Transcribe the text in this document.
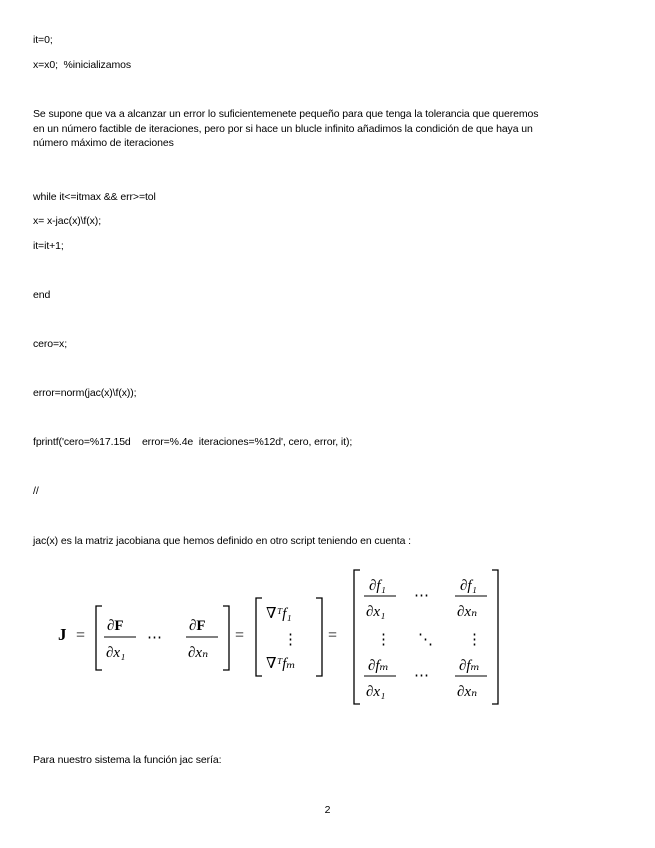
it=0;
x=x0;  %inicializamos
Se supone que va a alcanzar un error lo suficientemenete pequeño para que tenga la tolerancia que queremos
en un número factible de iteraciones, pero por si hace un blucle infinito añadimos la condición de que haya un
número máximo de iteraciones
while it<=itmax && err>=tol
x= x-jac(x)\f(x);
it=it+1;
end
cero=x;
error=norm(jac(x)\f(x));
fprintf('cero=%17.15d    error=%.4e  iteraciones=%12d', cero, error, it);
//
jac(x) es la matriz jacobiana que hemos definido en otro script teniendo en cuenta :
J =
∂F
∂x₁
⋯
∂F
∂xₙ
=
∇ᵀf₁
⋮
∇ᵀfₘ
=
∂f₁
∂x₁
⋯
∂f₁
∂xₙ
⋮ ⋱ ⋮
∂fₘ
∂x₁
⋯
∂fₘ
∂xₙ
Para nuestro sistema la función jac sería:
2
